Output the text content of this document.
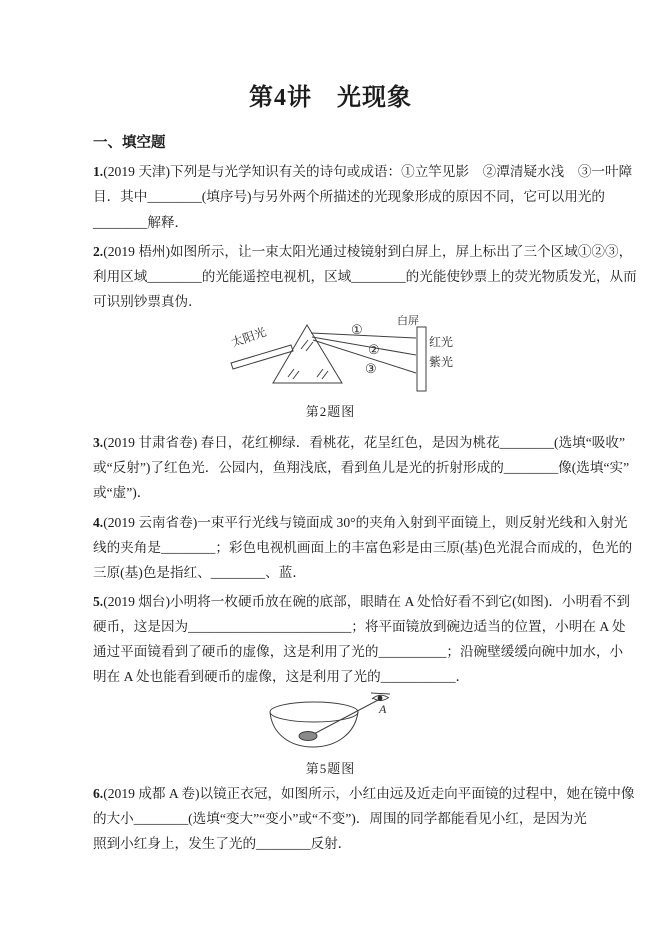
第4讲　光现象
一、填空题
1.(2019 天津)下列是与光学知识有关的诗句或成语：①立竿见影　②潭清疑水浅　③一叶障
目．其中________(填序号)与另外两个所描述的光现象形成的原因不同，它可以用光的
________解释．
2.(2019 梧州)如图所示，让一束太阳光通过棱镜射到白屏上，屏上标出了三个区域①②③，
利用区域________的光能遥控电视机，区域________的光能使钞票上的荧光物质发光，从而
可识别钞票真伪．
太阳光	①
②
③
白屏
红光
紫光
第2题图
3.(2019 甘肃省卷) 春日，花红柳绿．看桃花，花呈红色，是因为桃花________(选填“吸收”
或“反射”)了红色光．公园内，鱼翔浅底，看到鱼儿是光的折射形成的________像(选填“实”
或“虚”)．
4.(2019 云南省卷)一束平行光线与镜面成 30°的夹角入射到平面镜上，则反射光线和入射光
线的夹角是________；彩色电视机画面上的丰富色彩是由三原(基)色光混合而成的，色光的
三原(基)色是指红、________、蓝．
5.(2019 烟台)小明将一枚硬币放在碗的底部，眼睛在 A 处恰好看不到它(如图)．小明看不到
硬币，这是因为________________________；将平面镜放到碗边适当的位置，小明在 A 处
通过平面镜看到了硬币的虚像，这是利用了光的__________；沿碗壁缓缓向碗中加水，小
明在 A 处也能看到硬币的虚像，这是利用了光的___________．
A
第5题图
6.(2019 成都 A 卷)以镜正衣冠，如图所示，小红由远及近走向平面镜的过程中，她在镜中像
的大小________(选填“变大”“变小”或“不变”)．周围的同学都能看见小红，是因为光
照到小红身上，发生了光的________反射．
